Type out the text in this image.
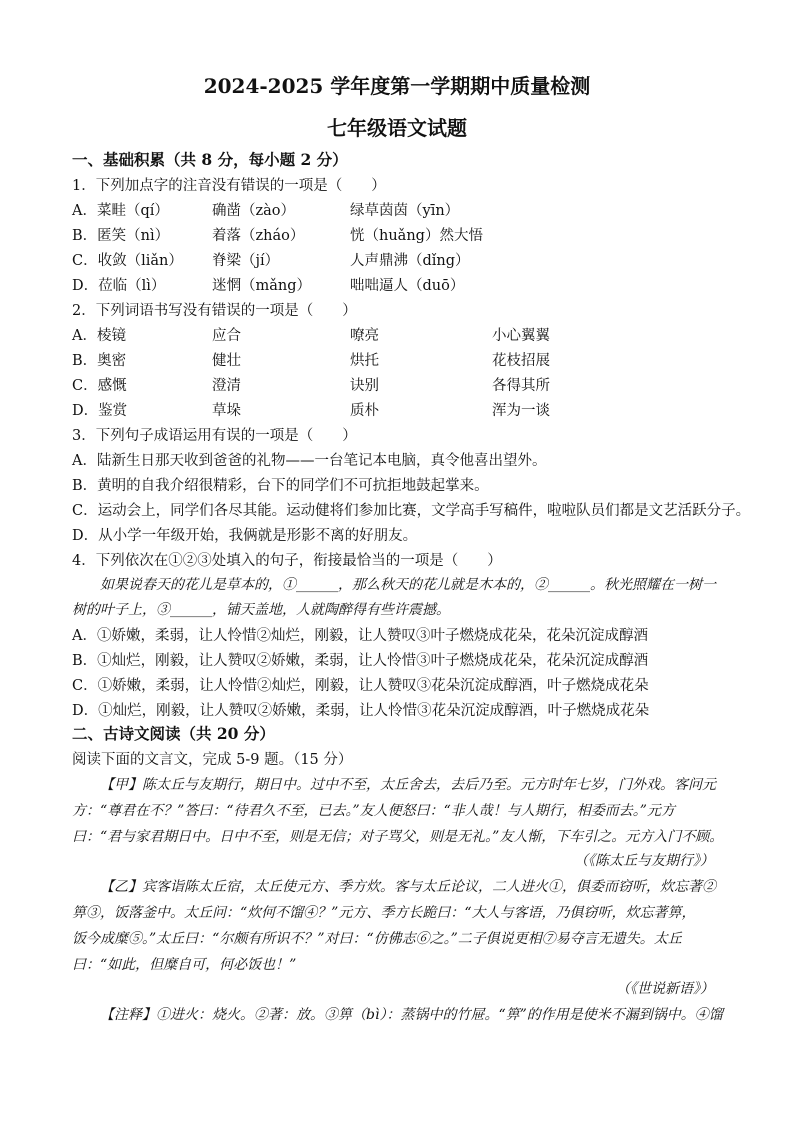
2024-2025 学年度第一学期期中质量检测
七年级语文试题
一、基础积累（共 8 分，每小题 2 分）
1．下列加点字的注音没有错误的一项是（　　）
A．菜畦（qí）	确凿（zào）	绿草茵茵（yīn）
B．匿笑（nì）	着落（zháo）	恍（huǎng）然大悟
C．收敛（liǎn） 脊梁（jí）	人声鼎沸（dǐng）
D．莅临（lì）	迷惘（mǎng）	咄咄逼人（duō）
2．下列词语书写没有错误的一项是（　　）
A．棱镜	应合	嘹亮	小心翼翼
B．奥密	健壮	烘托	花枝招展
C．感慨	澄清	诀别	各得其所
D．鉴赏	草垛	质朴	浑为一谈
3．下列句子成语运用有误的一项是（　　）
A．陆新生日那天收到爸爸的礼物——一台笔记本电脑，真令他喜出望外。
B．黄明的自我介绍很精彩，台下的同学们不可抗拒地鼓起掌来。
C．运动会上，同学们各尽其能。运动健将们参加比赛，文学高手写稿件，啦啦队员们都是文艺活跃分子。
D．从小学一年级开始，我俩就是形影不离的好朋友。
4．下列依次在①②③处填入的句子，衔接最恰当的一项是（　　）
如果说春天的花儿是草本的，①______，那么秋天的花儿就是木本的，②______。秋光照耀在一树一
树的叶子上，③______，铺天盖地，人就陶醉得有些许震撼。
A．①娇嫩，柔弱，让人怜惜②灿烂，刚毅，让人赞叹③叶子燃烧成花朵，花朵沉淀成醇酒
B．①灿烂，刚毅，让人赞叹②娇嫩，柔弱，让人怜惜③叶子燃烧成花朵，花朵沉淀成醇酒
C．①娇嫩，柔弱，让人怜惜②灿烂，刚毅，让人赞叹③花朵沉淀成醇酒，叶子燃烧成花朵
D．①灿烂，刚毅，让人赞叹②娇嫩，柔弱，让人怜惜③花朵沉淀成醇酒，叶子燃烧成花朵
二、古诗文阅读（共 20 分）
阅读下面的文言文，完成 5-9 题。（15 分）
【甲】陈太丘与友期行，期日中。过中不至，太丘舍去，去后乃至。元方时年七岁，门外戏。客问元
方：“尊君在不？”答曰：“待君久不至，已去。”友人便怒曰：“非人哉！与人期行，相委而去。”元方
曰：“君与家君期日中。日中不至，则是无信；对子骂父，则是无礼。”友人惭，下车引之。元方入门不顾。
（《陈太丘与友期行》）
【乙】宾客诣陈太丘宿，太丘使元方、季方炊。客与太丘论议，二人进火①，俱委而窃听，炊忘著②
箅③，饭落釜中。太丘问：“炊何不馏④？”元方、季方长跪曰：“大人与客语，乃俱窃听，炊忘著箅，
饭今成糜⑤。”太丘曰：“尔颇有所识不？”对曰：“仿佛志⑥之。”二子俱说更相⑦易夺言无遗失。太丘
曰：“如此，但糜自可，何必饭也！”
（《世说新语》）
【注释】①进火：烧火。②著：放。③箅（bì）：蒸锅中的竹屉。“箅”的作用是使米不漏到锅中。④馏
